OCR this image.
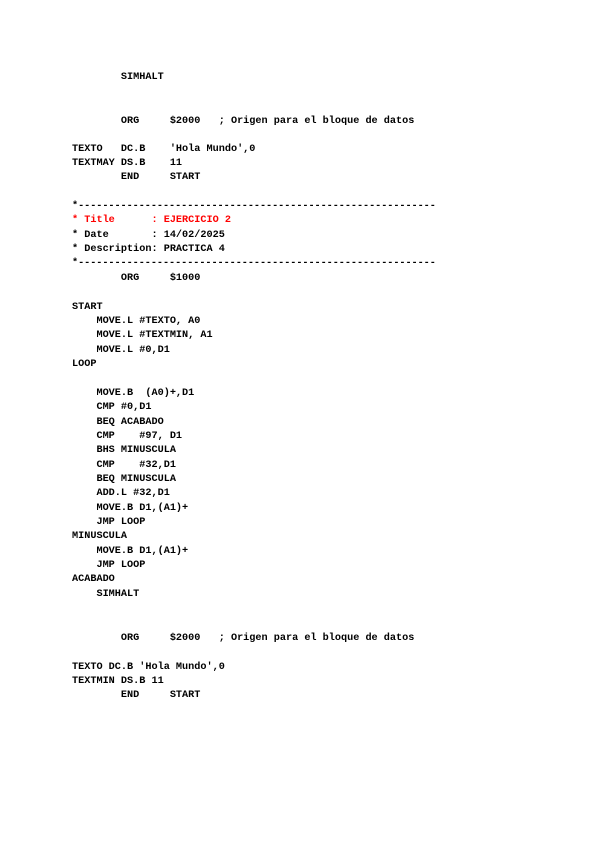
SIMHALT
ORG     $2000   ; Origen para el bloque de datos
TEXTO   DC.B    'Hola Mundo',0
TEXTMAY DS.B    11
END     START
*-----------------------------------------------------------
* Title      : EJERCICIO 2
* Date       : 14/02/2025
* Description: PRACTICA 4
*-----------------------------------------------------------
ORG     $1000
START
MOVE.L #TEXTO, A0
MOVE.L #TEXTMIN, A1
MOVE.L #0,D1
LOOP
MOVE.B  (A0)+,D1
CMP #0,D1
BEQ ACABADO
CMP    #97, D1
BHS MINUSCULA
CMP    #32,D1
BEQ MINUSCULA
ADD.L #32,D1
MOVE.B D1,(A1)+
JMP LOOP
MINUSCULA
MOVE.B D1,(A1)+
JMP LOOP
ACABADO
SIMHALT
ORG     $2000   ; Origen para el bloque de datos
TEXTO DC.B 'Hola Mundo',0
TEXTMIN DS.B 11
END     START
